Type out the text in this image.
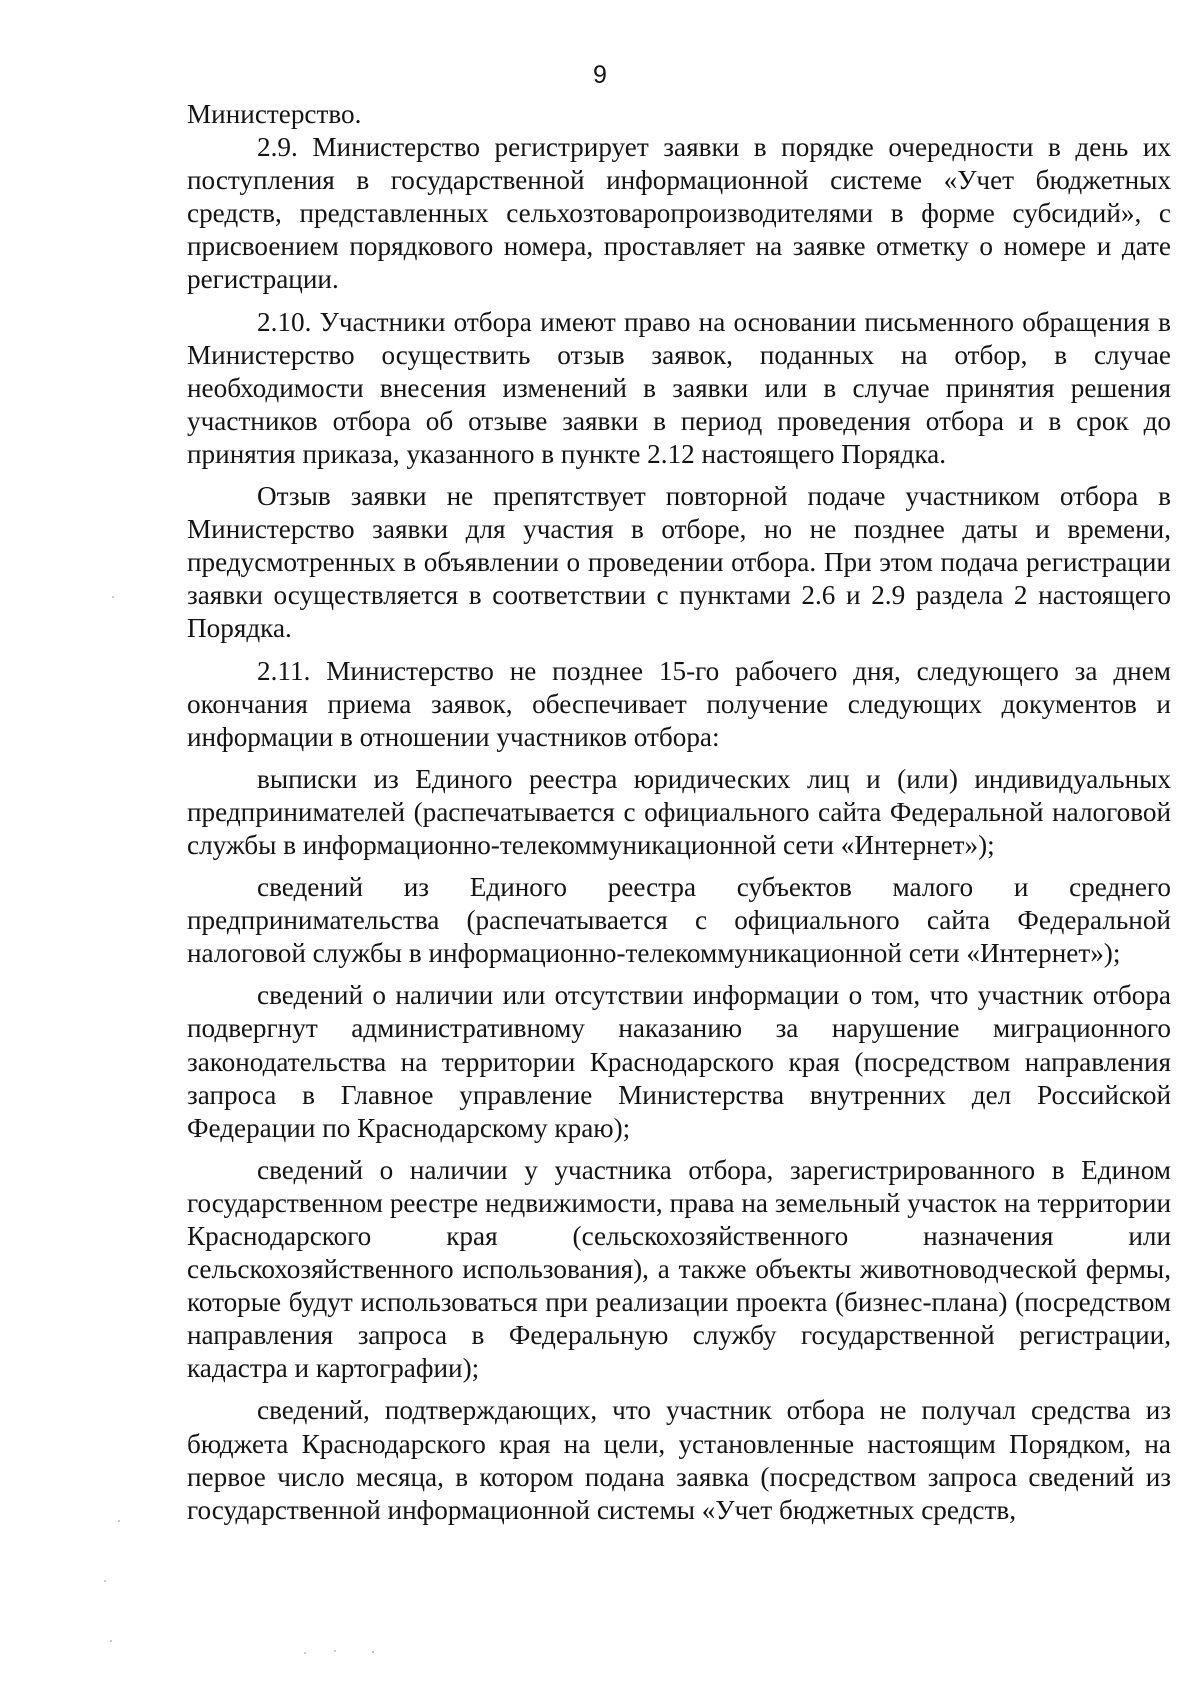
9

Министерство.

2.9. Министерство регистрирует заявки в порядке очередности в день их поступления в государственной информационной системе «Учет бюджетных средств, представленных сельхозтоваропроизводителями в форме субсидий», с присвоением порядкового номера, проставляет на заявке отметку о номере и дате регистрации.

2.10. Участники отбора имеют право на основании письменного обращения в Министерство осуществить отзыв заявок, поданных на отбор, в случае необходимости внесения изменений в заявки или в случае принятия решения участников отбора об отзыве заявки в период проведения отбора и в срок до принятия приказа, указанного в пункте 2.12 настоящего Порядка.

Отзыв заявки не препятствует повторной подаче участником отбора в Министерство заявки для участия в отборе, но не позднее даты и времени, предусмотренных в объявлении о проведении отбора. При этом подача регистрации заявки осуществляется в соответствии с пунктами 2.6 и 2.9 раздела 2 настоящего Порядка.

2.11. Министерство не позднее 15-го рабочего дня, следующего за днем окончания приема заявок, обеспечивает получение следующих документов и информации в отношении участников отбора:

выписки из Единого реестра юридических лиц и (или) индивидуальных предпринимателей (распечатывается с официального сайта Федеральной налоговой службы в информационно-телекоммуникационной сети «Интернет»);

сведений из Единого реестра субъектов малого и среднего предпринимательства (распечатывается с официального сайта Федеральной налоговой службы в информационно-телекоммуникационной сети «Интернет»);

сведений о наличии или отсутствии информации о том, что участник отбора подвергнут административному наказанию за нарушение миграционного законодательства на территории Краснодарского края (посредством направления запроса в Главное управление Министерства внутренних дел Российской Федерации по Краснодарскому краю);

сведений о наличии у участника отбора, зарегистрированного в Едином государственном реестре недвижимости, права на земельный участок на территории Краснодарского края (сельскохозяйственного назначения или сельскохозяйственного использования), а также объекты животноводческой фермы, которые будут использоваться при реализации проекта (бизнес-плана) (посредством направления запроса в Федеральную службу государственной регистрации, кадастра и картографии);

сведений, подтверждающих, что участник отбора не получал средства из бюджета Краснодарского края на цели, установленные настоящим Порядком, на первое число месяца, в котором подана заявка (посредством запроса сведений из государственной информационной системы «Учет бюджетных средств,
